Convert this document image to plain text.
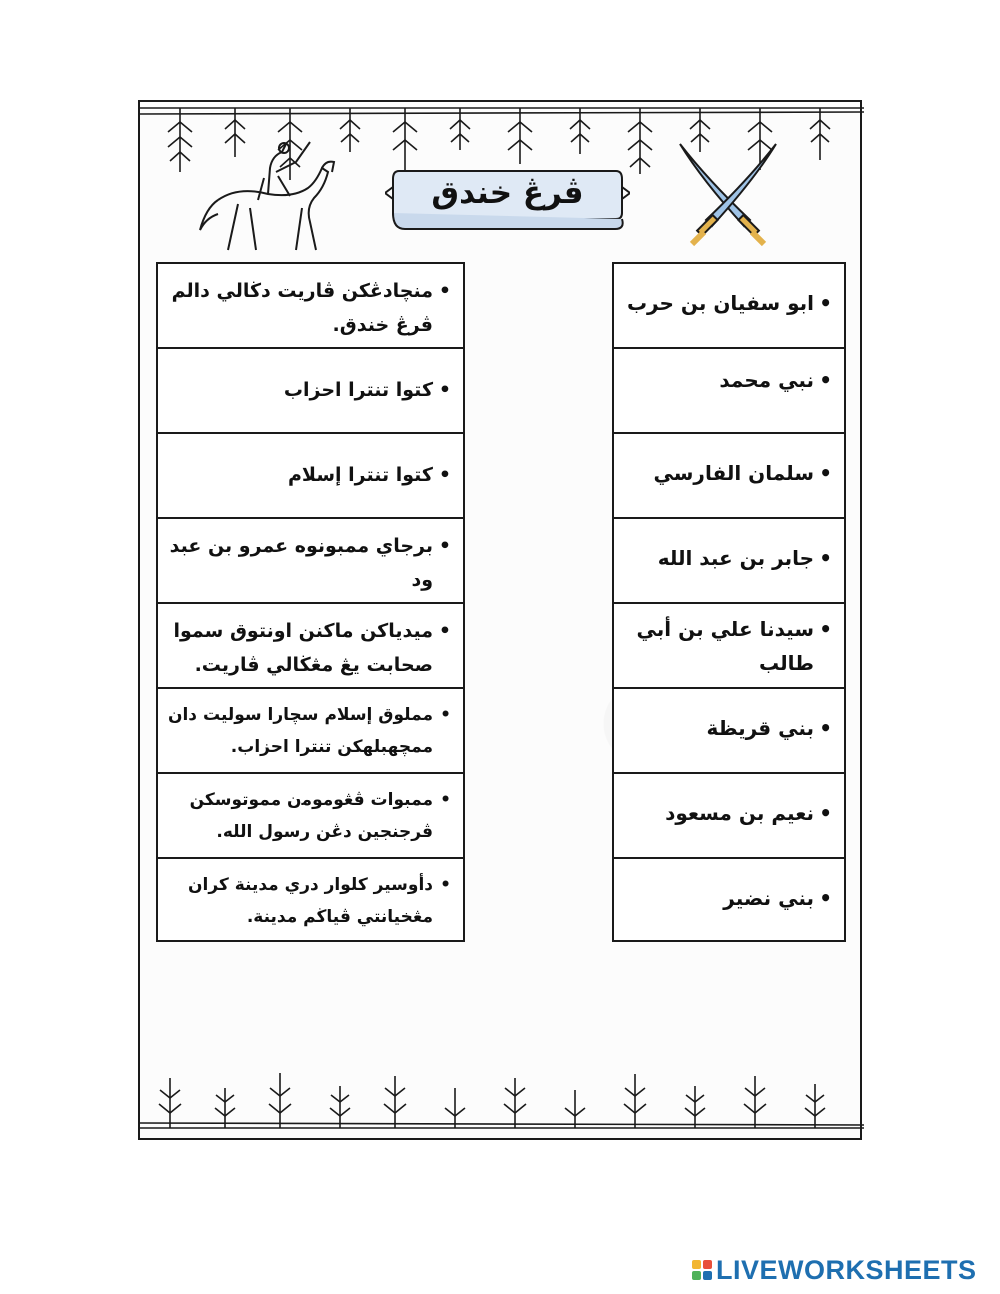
ڤرڠ خندق
•
منچادڠكن ڤاريت دڬالي دالم ڤرڠ خندق.
•
كتوا تنترا احزاب
•
كتوا تنترا إسلام
•
برجاي ممبونوه عمرو بن عبد ود
•
ميدياكن ماكنن اونتوق سموا صحابت يڠ مڠڬالي ڤاريت.
•
مملوق إسلام سچارا سوليت دان ممچهبلهكن تنترا احزاب.
•
ممبوات ڤڠوموﻣن مموتوسكن ڤرجنجين دڠن رسول الله.
•
دأوسير كلوار دري مدينة كران مڠخيانتي ڤياڬم مدينة.
•
ابو سفيان بن حرب
•
نبي محمد
•
سلمان الفارسي
•
جابر بن عبد الله
•
سيدنا علي بن أبي طالب
•
بني قريظة
•
نعيم بن مسعود
•
بني نضير
LIVEWORKSHEETS
